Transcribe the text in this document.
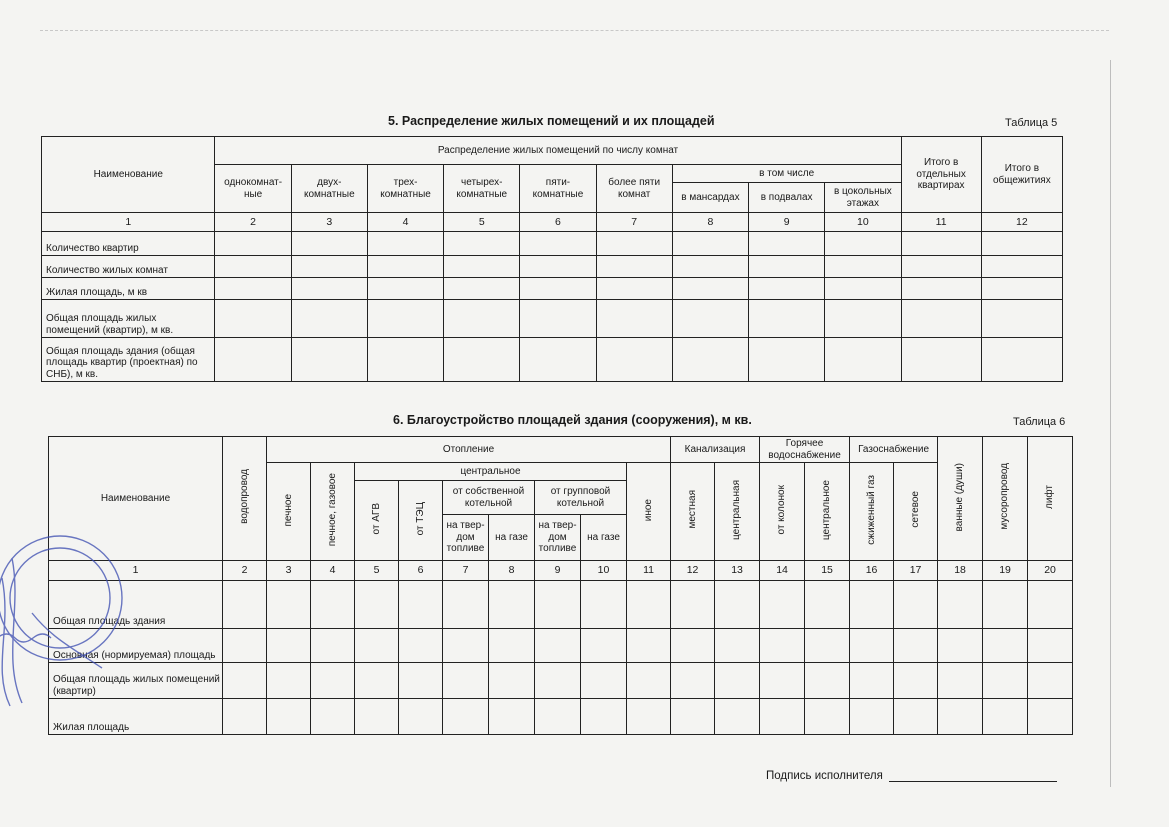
5. Распределение жилых помещений и их площадей	Таблица 5
Наименование	Распределение жилых помещений по числу комнат									Итого в отдельных квартирах	Итого в общежитиях
	однокомнат-ные	двух-комнатные	трех-комнатные	четырех-комнатные	пяти-комнатные	более пяти комнат	в том числе				
							в мансардах	в подвалах	в цокольных этажах		
1	2	3	4	5	6	7	8	9	10	11	12
Количество квартир											
Количество жилых комнат											
Жилая площадь, м кв											
Общая площадь жилых помещений (квартир), м кв.											
Общая площадь здания (общая площадь квартир (проектная) по СНБ), м кв.											
6. Благоустройство площадей здания (сооружения), м кв.	Таблица 6
Наименование	водопровод	Отопление									Канализация		Горячее водоснабжение		Газоснабжение		ванные (души)	мусоропровод	лифт
		печное	печное, газовое	центральное						иное	местная	центральная	от колонок	центральное	сжиженный газ	сетевое			
				от АГВ	от ТЭЦ	от собственной котельной		от групповой котельной											
						на твер-дом топливе	на газе	на твер-дом топливе	на газе										

1	2	3	4	5	6	7	8	9	10	11	12	13	14	15	16	17	18	19	20
Общая площадь здания																			
Основная (нормируемая) площадь																			
Общая площадь жилых помещений (квартир)																			
Жилая площадь																			
Подпись исполнителя
